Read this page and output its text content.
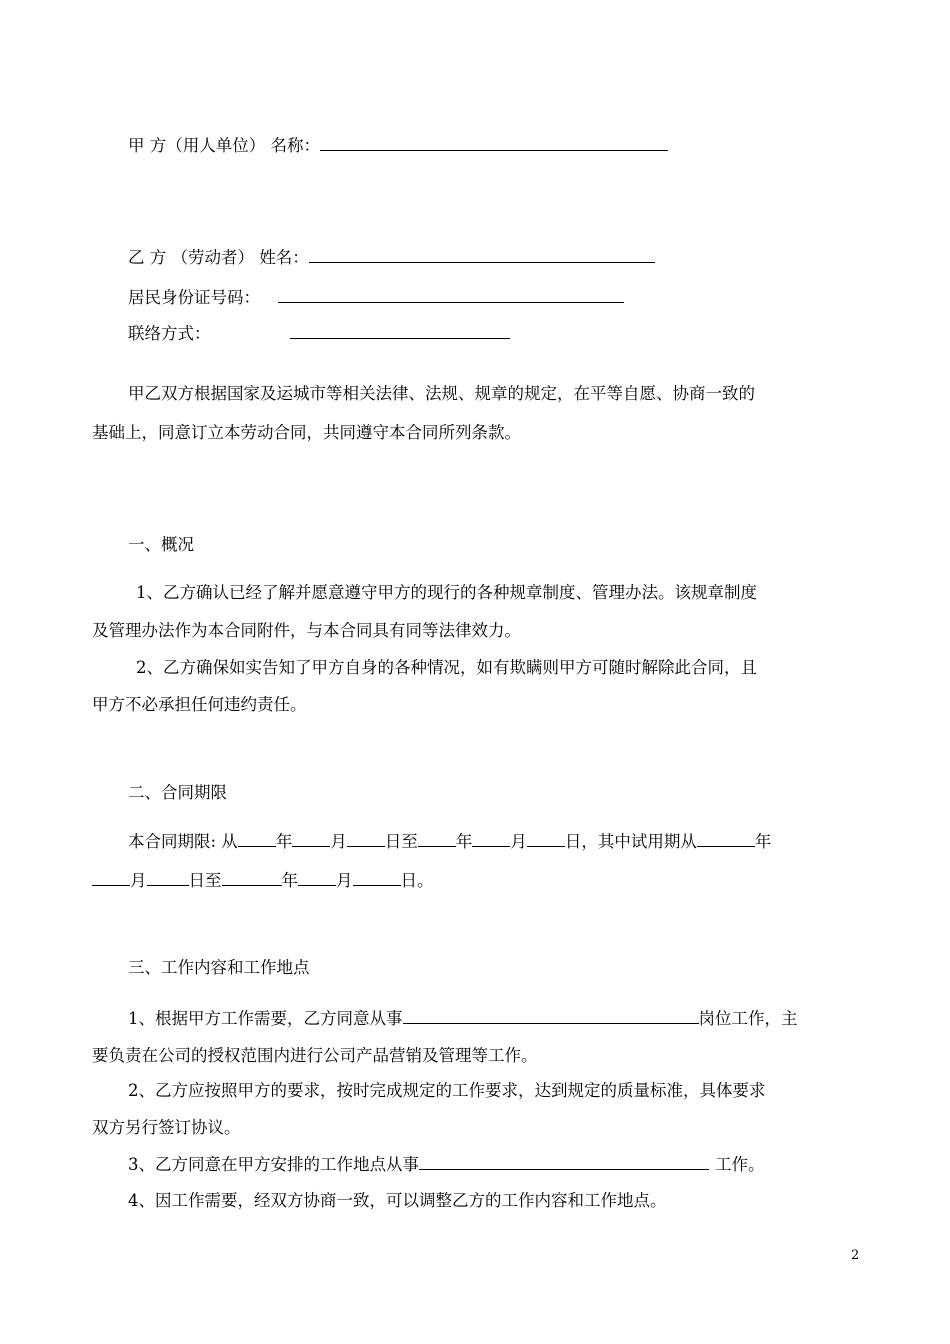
甲 方（用人单位） 名称：
乙 方 （劳动者） 姓名：
居民身份证号码：
联络方式：
甲乙双方根据国家及运城市等相关法律、法规、规章的规定，在平等自愿、协商一致的
基础上，同意订立本劳动合同，共同遵守本合同所列条款。
一、概况
1、乙方确认已经了解并愿意遵守甲方的现行的各种规章制度、管理办法。该规章制度
及管理办法作为本合同附件，与本合同具有同等法律效力。
2、乙方确保如实告知了甲方自身的各种情况，如有欺瞒则甲方可随时解除此合同，且
甲方不必承担任何违约责任。
二、合同期限
本合同期限: 从 年 月 日至 年 月 日，其中试用期从	年
月	日至	年 月	日。
三、工作内容和工作地点
1、根据甲方工作需要，乙方同意从事	岗位工作，主
要负责在公司的授权范围内进行公司产品营销及管理等工作。
2、乙方应按照甲方的要求，按时完成规定的工作要求，达到规定的质量标准，具体要求
双方另行签订协议。
3、乙方同意在甲方安排的工作地点从事	工作。
4、因工作需要，经双方协商一致，可以调整乙方的工作内容和工作地点。
2
